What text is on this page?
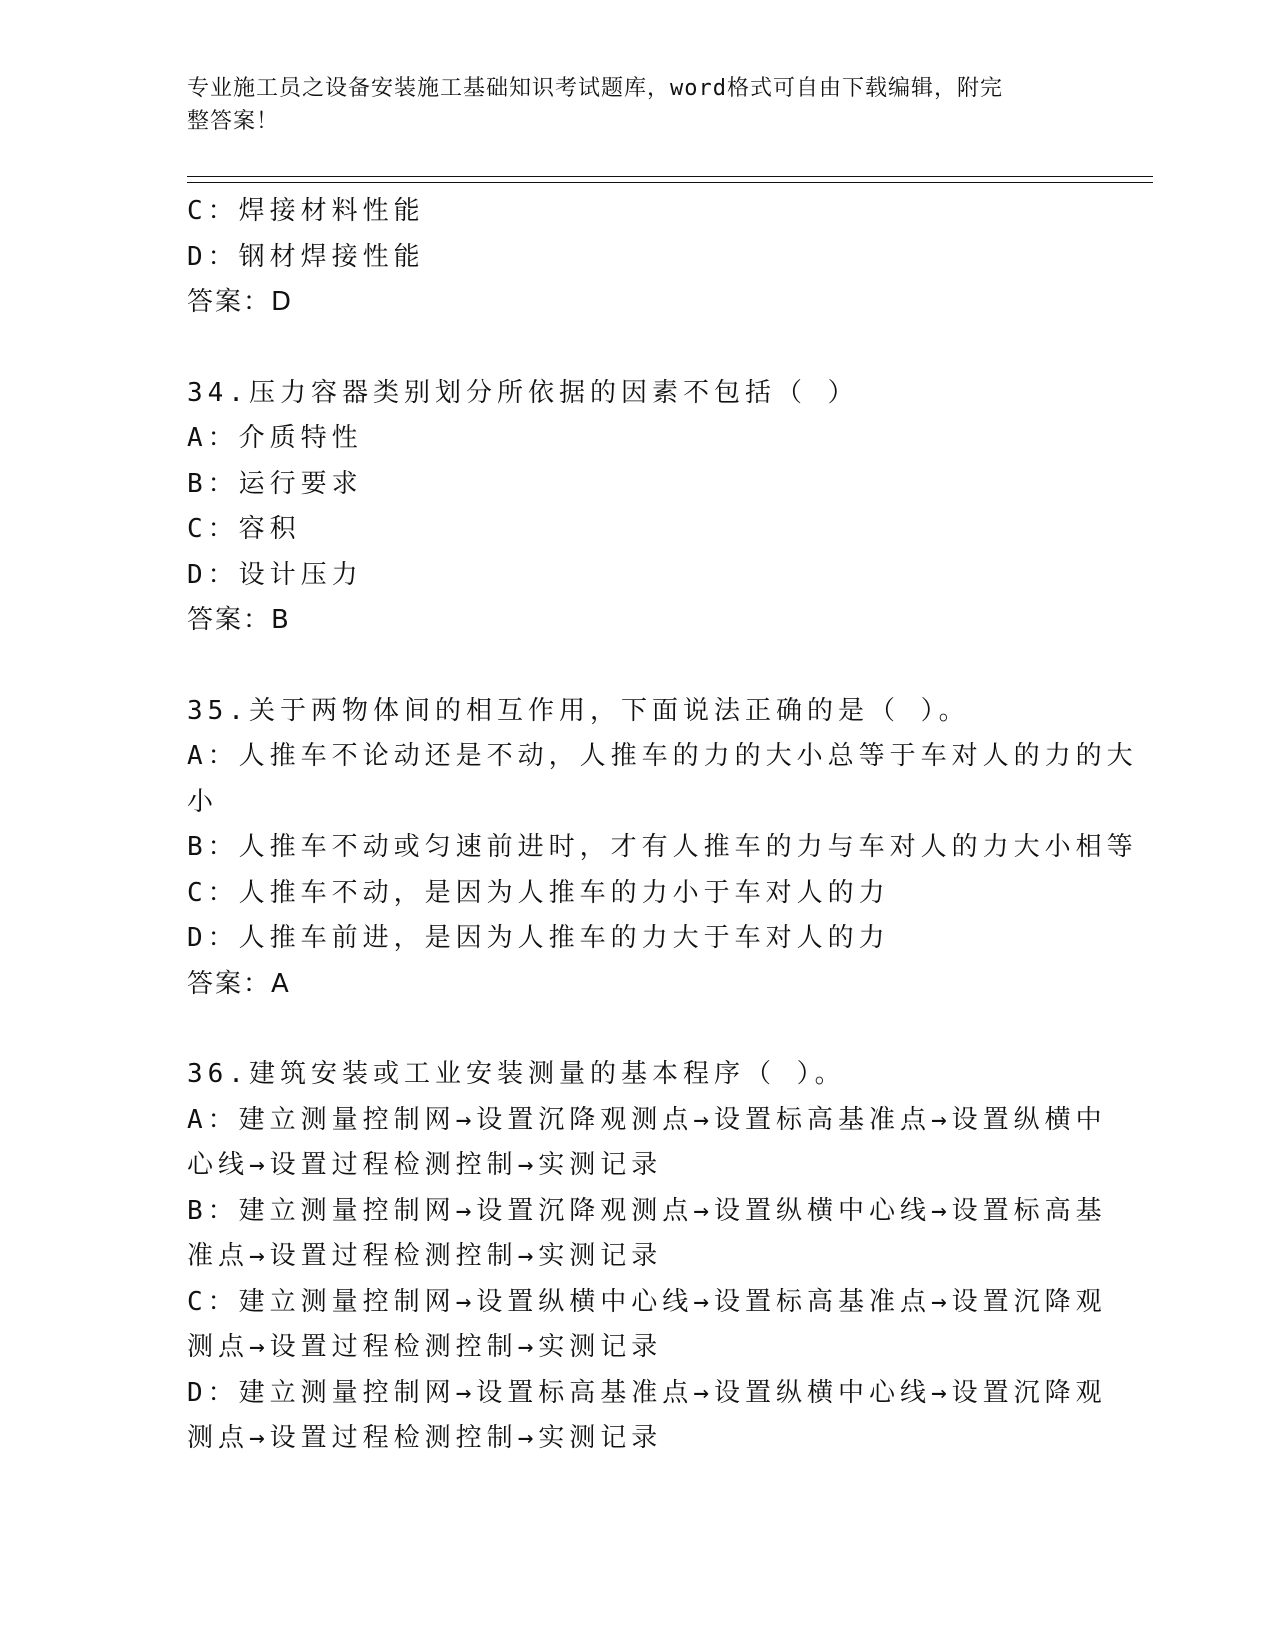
专业施工员之设备安装施工基础知识考试题库，word格式可自由下载编辑，附完
整答案！
C：焊接材料性能
D：钢材焊接性能
答案：D
34.压力容器类别划分所依据的因素不包括（ ）
A：介质特性
B：运行要求
C：容积
D：设计压力
答案：B
35.关于两物体间的相互作用，下面说法正确的是（ ）。
A：人推车不论动还是不动，人推车的力的大小总等于车对人的力的大
小
B：人推车不动或匀速前进时，才有人推车的力与车对人的力大小相等
C：人推车不动，是因为人推车的力小于车对人的力
D：人推车前进，是因为人推车的力大于车对人的力
答案：A
36.建筑安装或工业安装测量的基本程序（ ）。
A：建立测量控制网→设置沉降观测点→设置标高基准点→设置纵横中
心线→设置过程检测控制→实测记录
B：建立测量控制网→设置沉降观测点→设置纵横中心线→设置标高基
准点→设置过程检测控制→实测记录
C：建立测量控制网→设置纵横中心线→设置标高基准点→设置沉降观
测点→设置过程检测控制→实测记录
D：建立测量控制网→设置标高基准点→设置纵横中心线→设置沉降观
测点→设置过程检测控制→实测记录
